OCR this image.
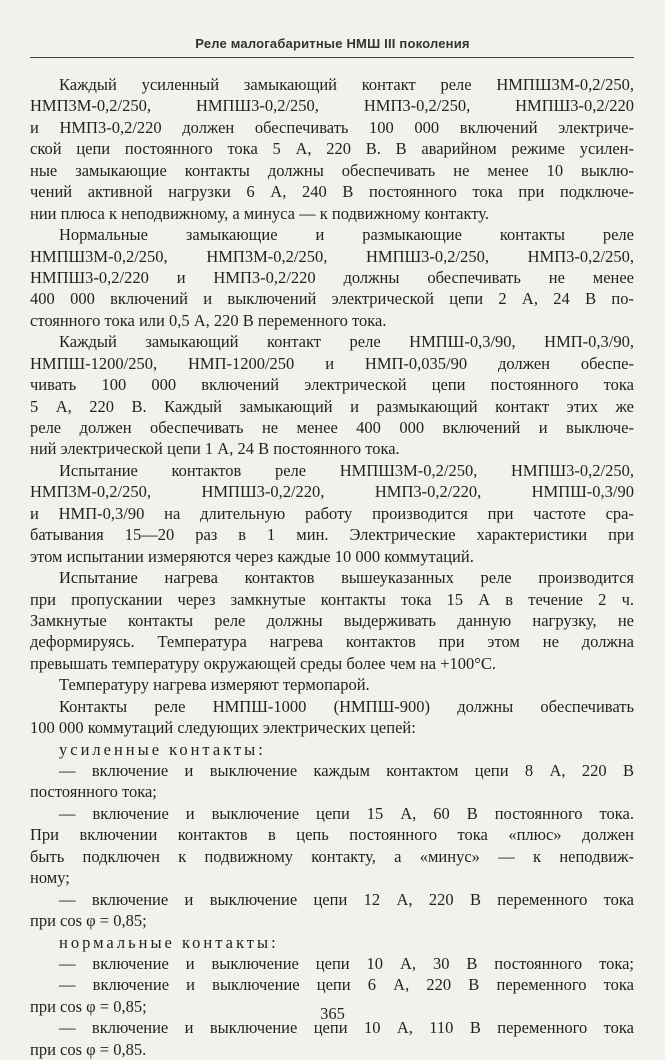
Реле малогабаритные НМШ III поколения
Каждый усиленный замыкающий контакт реле НМПШ3М-0,2/250,
НМП3М-0,2/250, НМПШ3-0,2/250, НМП3-0,2/250, НМПШ3-0,2/220
и НМП3-0,2/220 должен обеспечивать 100 000 включений электриче-
ской цепи постоянного тока 5 А, 220 В. В аварийном режиме усилен-
ные замыкающие контакты должны обеспечивать не менее 10 выклю-
чений активной нагрузки 6 А, 240 В постоянного тока при подключе-
нии плюса к неподвижному, а минуса — к подвижному контакту.
Нормальные замыкающие и размыкающие контакты реле
НМПШ3М-0,2/250, НМП3М-0,2/250, НМПШ3-0,2/250, НМП3-0,2/250,
НМПШ3-0,2/220 и НМП3-0,2/220 должны обеспечивать не менее
400 000 включений и выключений электрической цепи 2 А, 24 В по-
стоянного тока или 0,5 А, 220 В переменного тока.
Каждый замыкающий контакт реле НМПШ-0,3/90, НМП-0,3/90,
НМПШ-1200/250, НМП-1200/250 и НМП-0,035/90 должен обеспе-
чивать 100 000 включений электрической цепи постоянного тока
5 А, 220 В. Каждый замыкающий и размыкающий контакт этих же
реле должен обеспечивать не менее 400 000 включений и выключе-
ний электрической цепи 1 А, 24 В постоянного тока.
Испытание контактов реле НМПШ3М-0,2/250, НМПШ3-0,2/250,
НМП3М-0,2/250, НМПШ3-0,2/220, НМП3-0,2/220, НМПШ-0,3/90
и НМП-0,3/90 на длительную работу производится при частоте сра-
батывания 15—20 раз в 1 мин. Электрические характеристики при
этом испытании измеряются через каждые 10 000 коммутаций.
Испытание нагрева контактов вышеуказанных реле производится
при пропускании через замкнутые контакты тока 15 А в течение 2 ч.
Замкнутые контакты реле должны выдерживать данную нагрузку, не
деформируясь. Температура нагрева контактов при этом не должна
превышать температуру окружающей среды более чем на +100°С.
Температуру нагрева измеряют термопарой.
Контакты реле НМПШ-1000 (НМПШ-900) должны обеспечивать
100 000 коммутаций следующих электрических цепей:
усиленные контакты:
— включение и выключение каждым контактом цепи 8 А, 220 В
постоянного тока;
— включение и выключение цепи 15 А, 60 В постоянного тока.
При включении контактов в цепь постоянного тока «плюс» должен
быть подключен к подвижному контакту, а «минус» — к неподвиж-
ному;
— включение и выключение цепи 12 А, 220 В переменного тока
при cos φ = 0,85;
нормальные контакты:
— включение и выключение цепи 10 А, 30 В постоянного тока;
— включение и выключение цепи 6 А, 220 В переменного тока
при cos φ = 0,85;
— включение и выключение цепи 10 А, 110 В переменного тока
при cos φ = 0,85.
365
